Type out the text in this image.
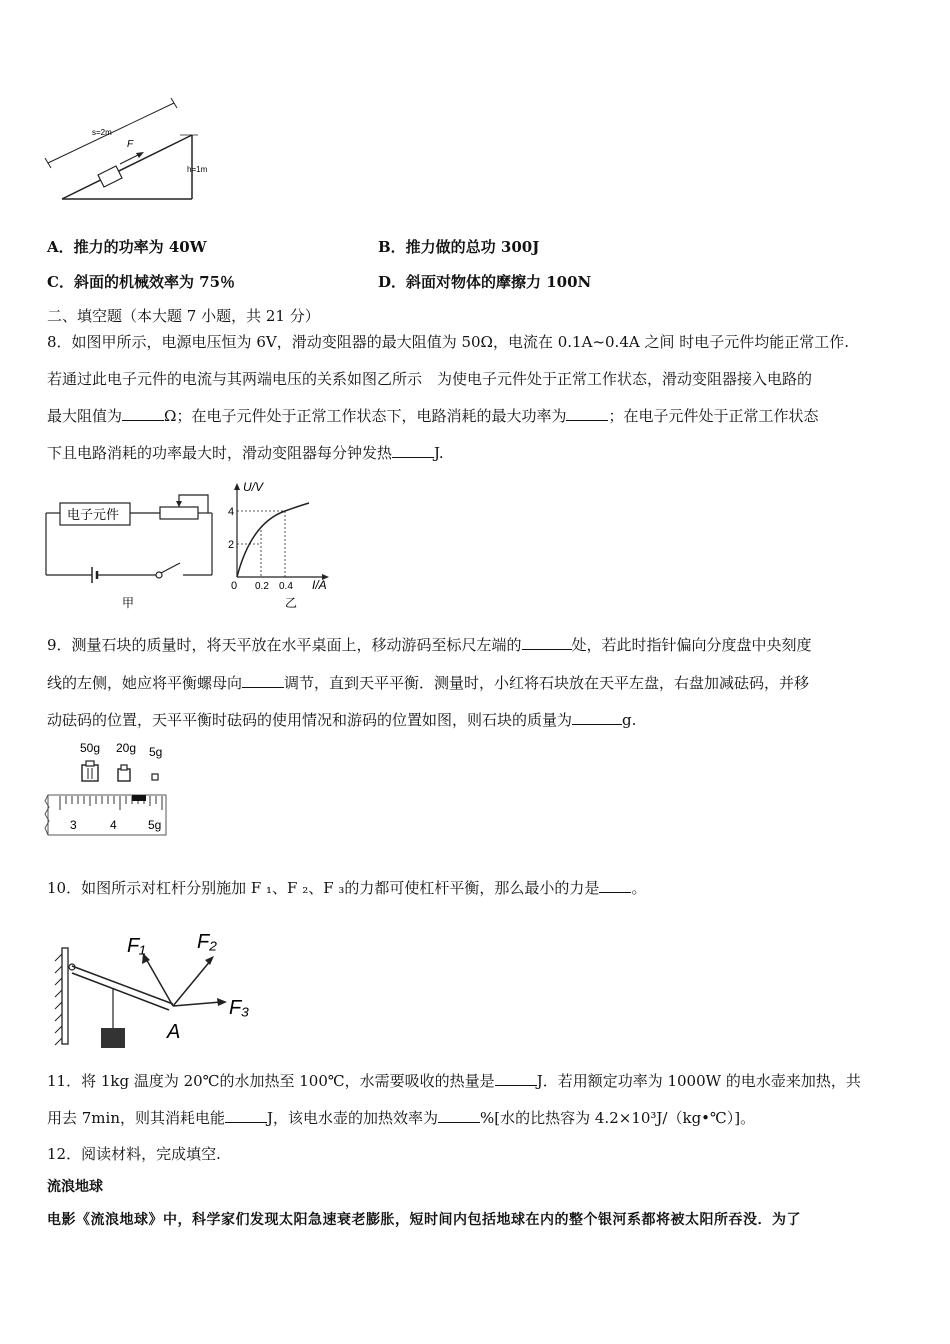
s=2m
F
h=1m
A．推力的功率为 40W	B．推力做的总功 300J
C．斜面的机械效率为 75％	D．斜面对物体的摩擦力 100N
二、填空题（本大题 7 小题，共 21 分）
8．如图甲所示，电源电压恒为 6V，滑动变阻器的最大阻值为 50Ω，电流在 0.1A~0.4A 之间 时电子元件均能正常工作.
若通过此电子元件的电流与其两端电压的关系如图乙所示　为使电子元件处于正常工作状态，滑动变阻器接入电路的
最大阻值为	Ω；在电子元件处于正常工作状态下，电路消耗的最大功率为	；在电子元件处于正常工作状态
下且电路消耗的功率最大时，滑动变阻器每分钟发热	J.
电子元件
甲
U/V
2
4
0 0.2 0.4 I/A
乙
9．测量石块的质量时，将天平放在水平桌面上，移动游码至标尺左端的	处，若此时指针偏向分度盘中央刻度
线的左侧，她应将平衡螺母向	调节，直到天平平衡．测量时，小红将石块放在天平左盘，右盘加减砝码，并移
动砝码的位置，天平平衡时砝码的使用情况和游码的位置如图，则石块的质量为	g.
50g 20g 5g
3	4	5g
10．如图所示对杠杆分别施加 F ₁、F ₂、F ₃的力都可使杠杆平衡，那么最小的力是 。
F₁	F₂
F₃
A
11．将 1kg 温度为 20℃的水加热至 100℃，水需要吸收的热量是	J．若用额定功率为 1000W 的电水壶来加热，共
用去 7min，则其消耗电能	J，该电水壶的加热效率为	%[水的比热容为 4.2×10³J/（kg•℃）]。
12．阅读材料，完成填空.
流浪地球
电影《流浪地球》中，科学家们发现太阳急速衰老膨胀，短时间内包括地球在内的整个银河系都将被太阳所吞没．为了
